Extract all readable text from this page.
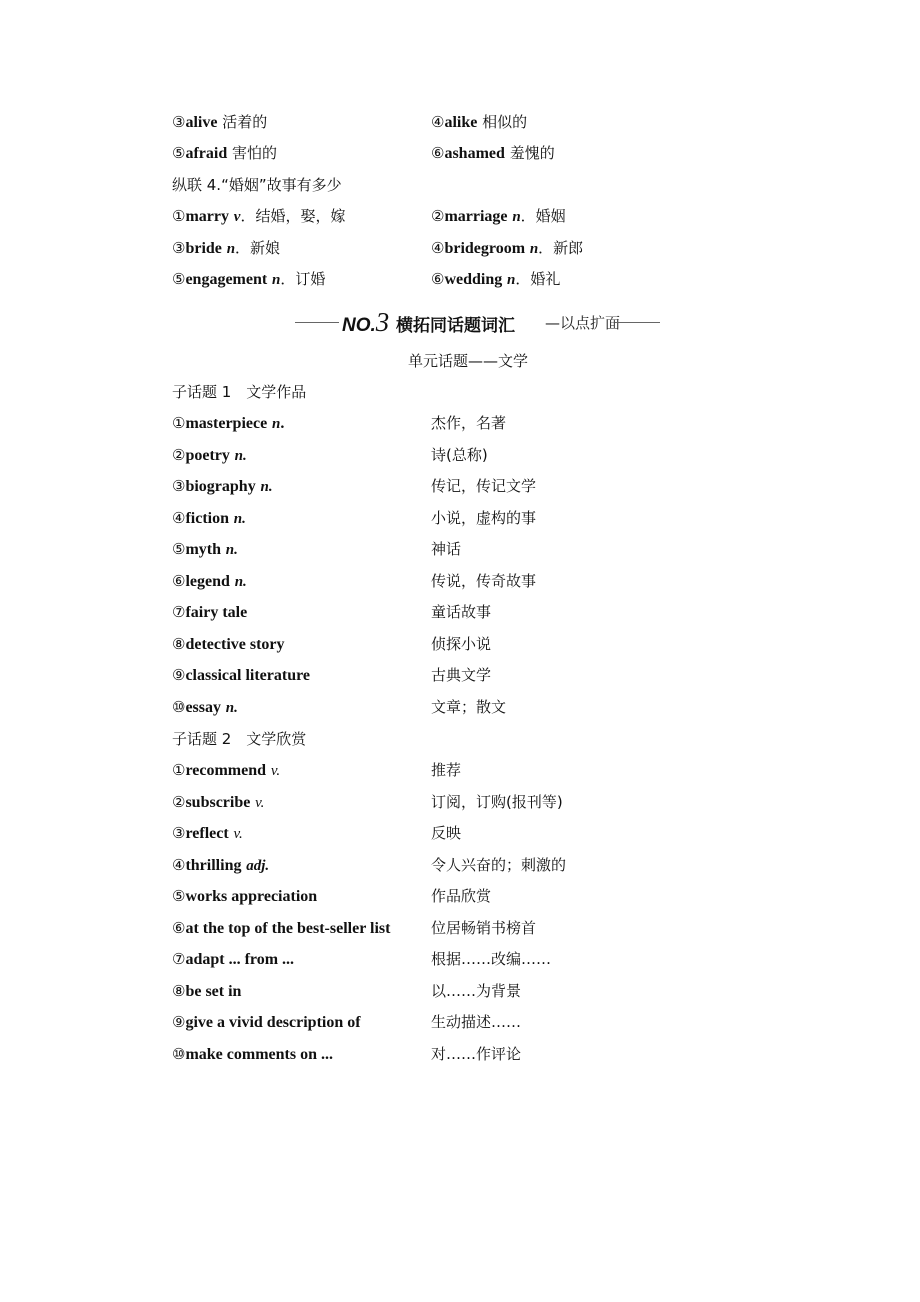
③alive 活着的	④alike 相似的
⑤afraid 害怕的	⑥ashamed 羞愧的
纵联 4.“婚姻”故事有多少
①marry v．结婚，娶，嫁	②marriage n．婚姻
③bride n．新娘	④bridegroom n．新郎
⑤engagement n．订婚	⑥wedding n．婚礼
NO.3 横拓同话题词汇 —以点扩面
单元话题——文学
子话题 1　文学作品
①masterpiece n.	杰作，名著
②poetry n.	诗(总称)
③biography n.	传记，传记文学
④fiction n.	小说，虚构的事
⑤myth n.	神话
⑥legend n.	传说，传奇故事
⑦fairy tale	童话故事
⑧detective story	侦探小说
⑨classical literature	古典文学
⑩essay n.	文章；散文
子话题 2　文学欣赏
①recommend v.	推荐
②subscribe v.	订阅，订购(报刊等)
③reflect v.	反映
④thrilling adj.	令人兴奋的；刺激的
⑤works appreciation	作品欣赏
⑥at the top of the best-seller list	位居畅销书榜首
⑦adapt ... from ...	根据……改编……
⑧be set in	以……为背景
⑨give a vivid description of	生动描述……
⑩make comments on ...	对……作评论
